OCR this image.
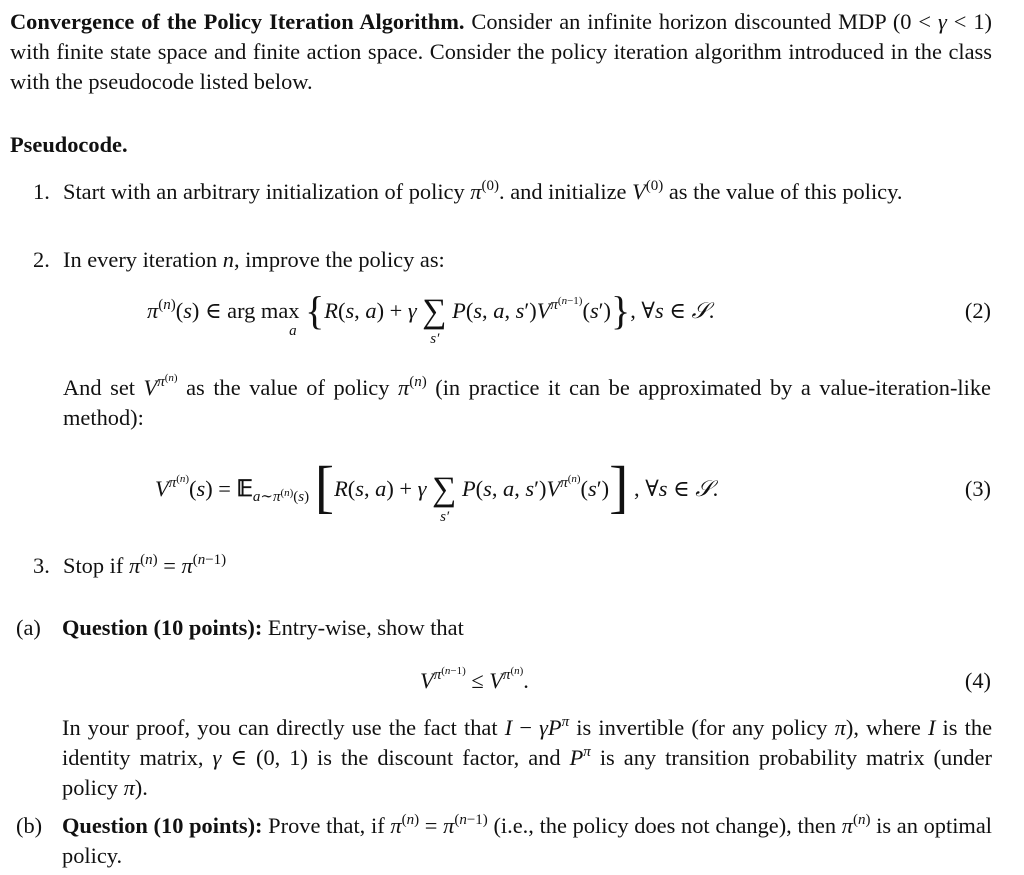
Convergence of the Policy Iteration Algorithm. Consider an infinite horizon discounted MDP (0 < γ < 1) with finite state space and finite action space. Consider the policy iteration algorithm introduced in the class with the pseudocode listed below.

Pseudocode.

1. Start with an arbitrary initialization of policy $\pi^{(0)}$. and initialize $V^{(0)}$ as the value of this policy.

2. In every iteration n, improve the policy as:

$\pi^{(n)}(s)$ ∈ arg max
a {R(s, a) + γ ∑
s′
P(s, a, $s')V^{\pi^{(n-1)}}(s')$}, ∀s ∈ 𝒮.	(2)

And set $V^{\pi^{(n)}}$ as the value of policy $\pi^{(n)}$ (in practice it can be approximated by a value-iteration-like method):

$V^{\pi^{(n)}}(s)$ = 𝔼$_{a\sim\pi^{(n)}(s)}$ [R(s, a) + γ ∑
s′
P(s, a, $s')V^{\pi^{(n)}}(s')$] , ∀s ∈ 𝒮.	(3)
3. Stop if $\pi^{(n)} = \pi^{(n-1)}$

(a) Question (10 points): Entry-wise, show that

$V^{\pi^{(n-1)}} \le V^{\pi^{(n)}}$.	(4)

In your proof, you can directly use the fact that $I - \gamma P^\pi$ is invertible (for any policy π), where I is the identity matrix, γ ∈ (0, 1) is the discount factor, and $P^\pi$ is any transition probability matrix (under policy π).

(b) Question (10 points): Prove that, if $\pi^{(n)} = \pi^{(n-1)}$ (i.e., the policy does not change), then $\pi^{(n)}$ is an optimal policy.
